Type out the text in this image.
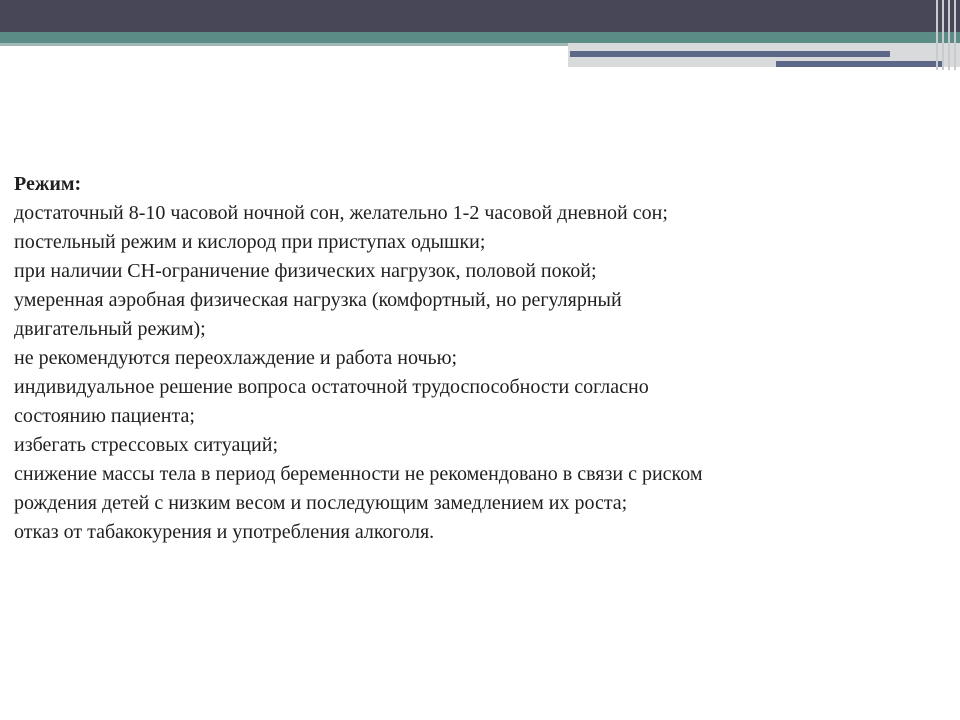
Режим:

достаточный 8-10 часовой ночной сон, желательно 1-2 часовой дневной сон;

постельный режим и кислород при приступах одышки;

при наличии СН-ограничение физических нагрузок, половой покой;

умеренная аэробная физическая нагрузка (комфортный, но регулярный

двигательный режим);

не рекомендуются переохлаждение и работа ночью;

индивидуальное решение вопроса остаточной трудоспособности согласно

состоянию пациента;

избегать стрессовых ситуаций;

снижение массы тела в период беременности не рекомендовано в связи с риском

рождения детей с низким весом и последующим замедлением их роста;

отказ от табакокурения и употребления алкоголя.
